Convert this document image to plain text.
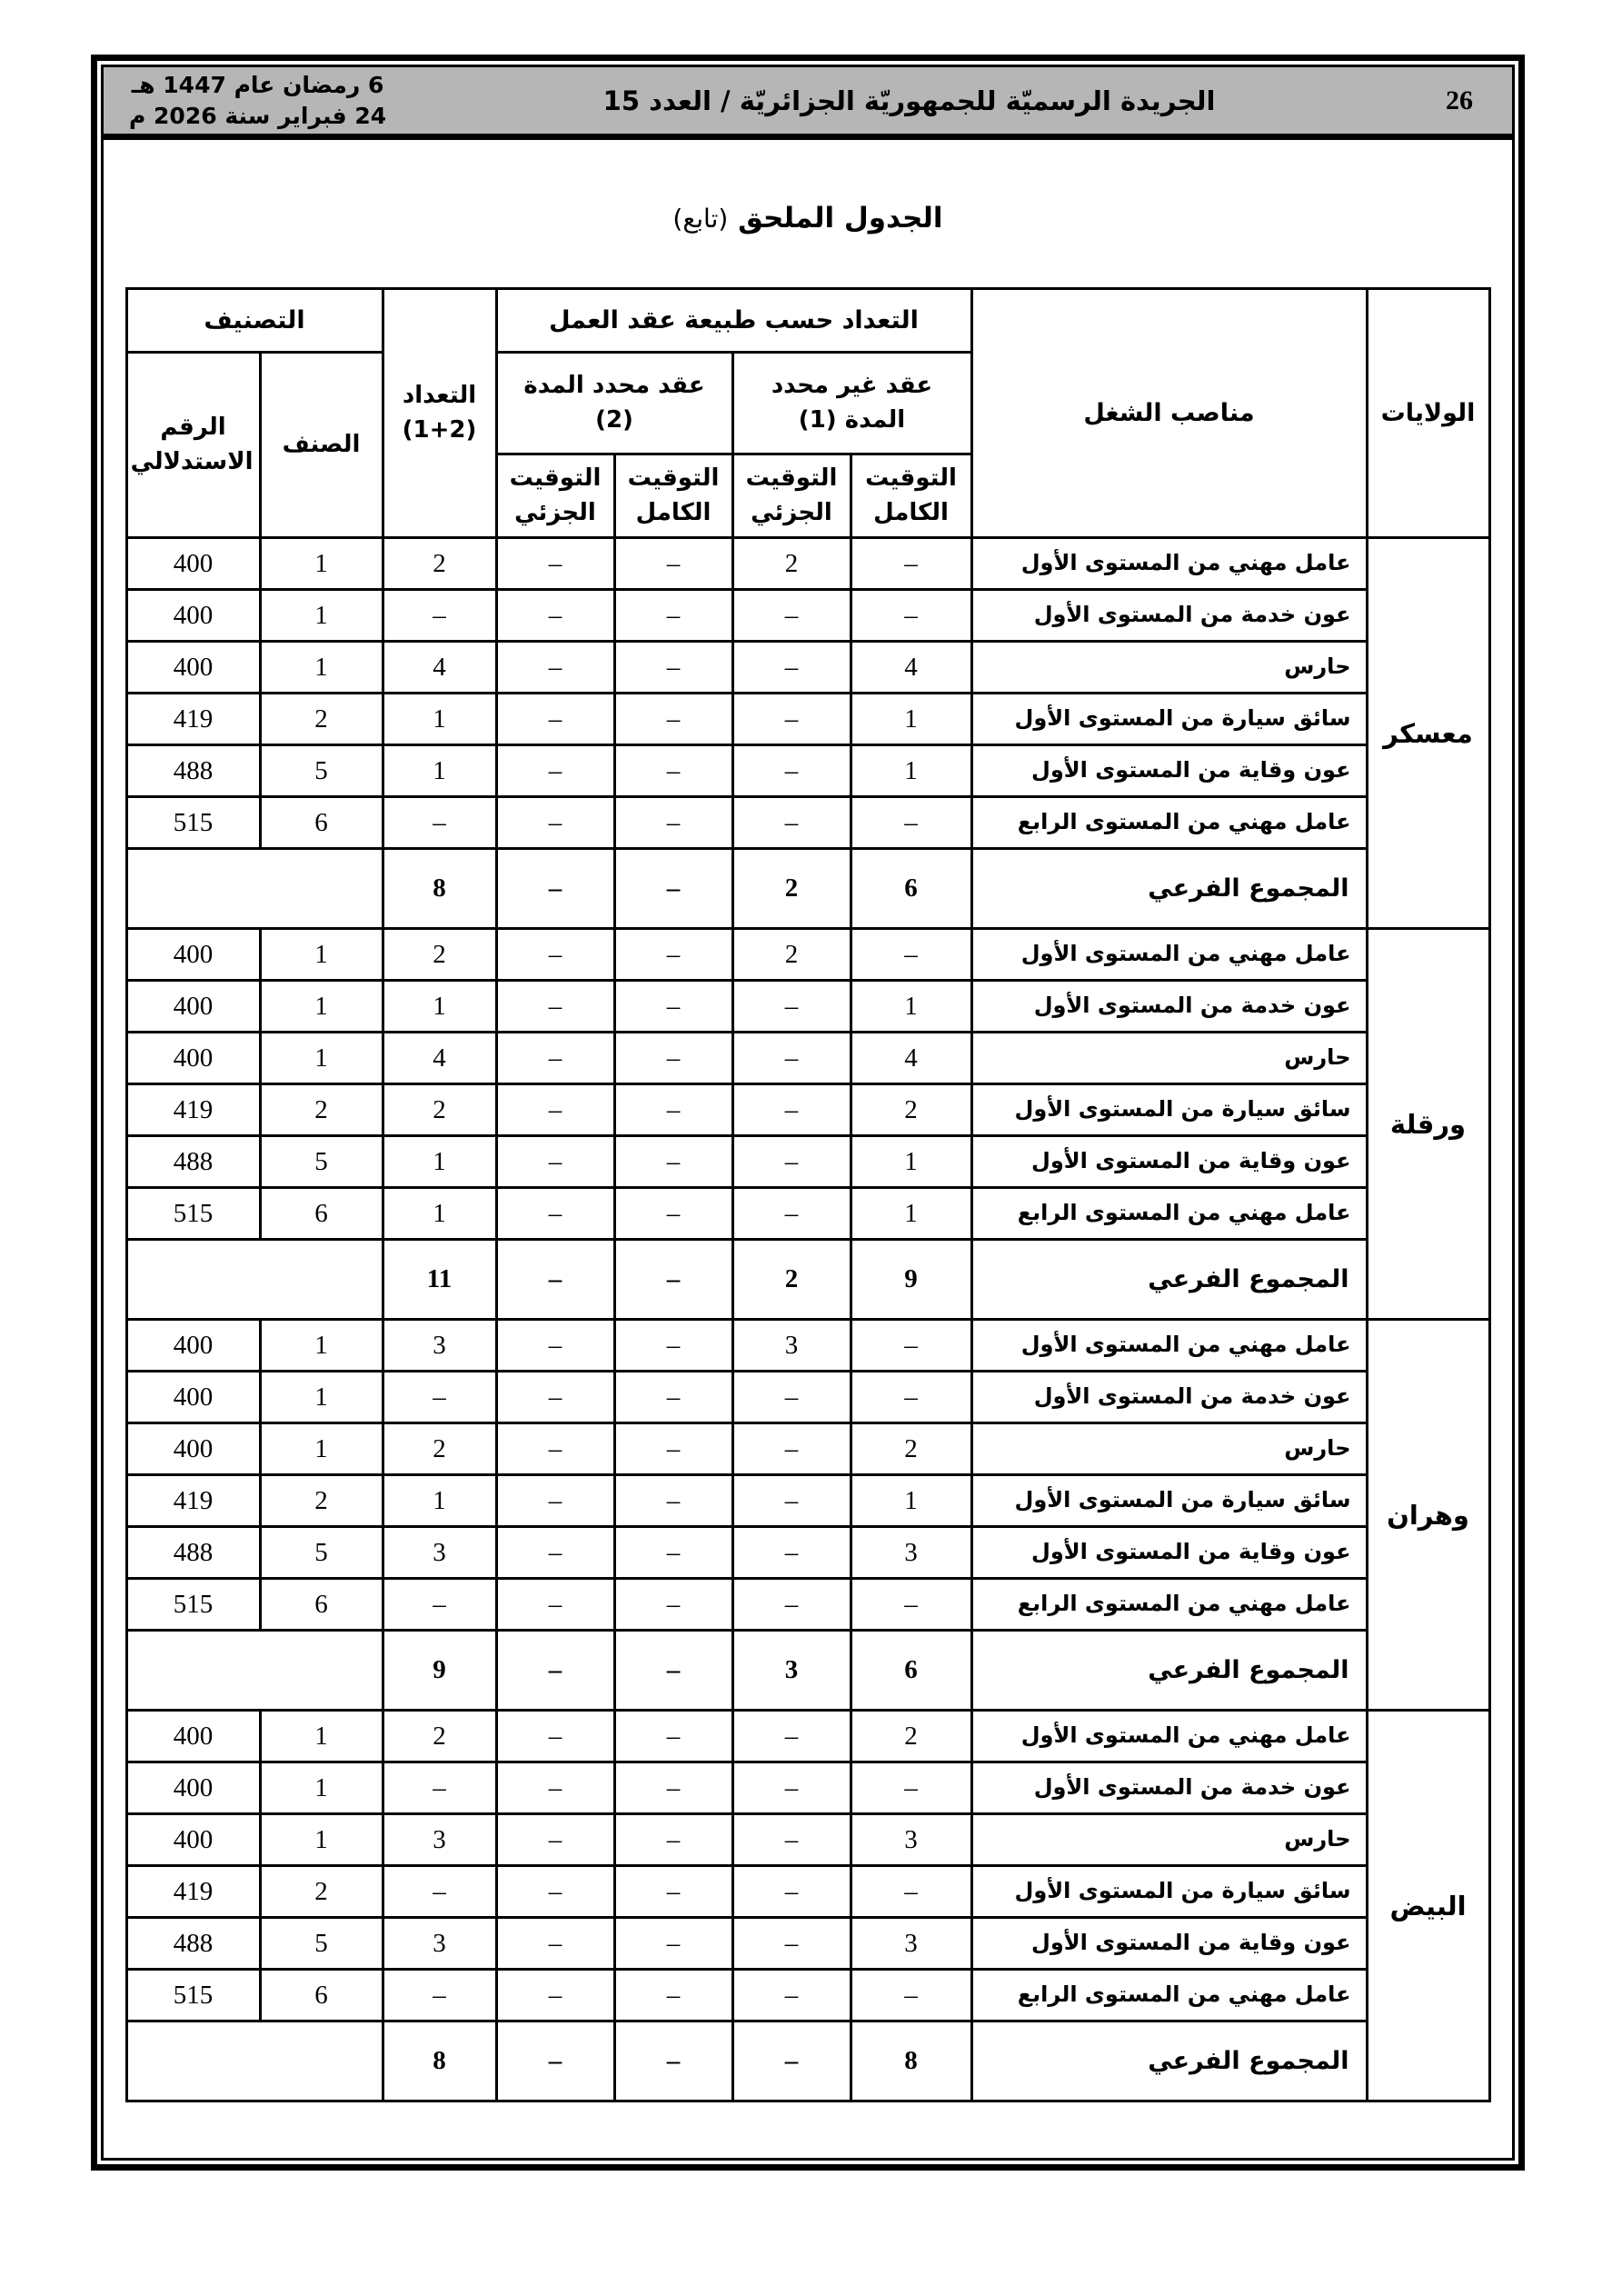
26
الجريدة الرسميّة للجمهوريّة الجزائريّة / العدد 15
6 رمضان عام 1447 هـ
24 فبراير سنة 2026 م
الجدول الملحق (تابع)
الولايات	مناصب الشغل	التعداد حسب طبيعة عقد العمل				التعداد (2+1)	التصنيف	
		عقد غير محدد المدة (1)		عقد محدد المدة (2)			الصنف	الرقم الاستدلالي
		التوقيت الكامل	التوقيت الجزئي	التوقيت الكامل	التوقيت الجزئي			
معسكر	عامل مهني من المستوى الأول	–	2	–	–	2	1	400
	عون خدمة من المستوى الأول	–	–	–	–	–	1	400
	حارس	4	–	–	–	4	1	400
	سائق سيارة من المستوى الأول	1	–	–	–	1	2	419
	عون وقاية من المستوى الأول	1	–	–	–	1	5	488
	عامل مهني من المستوى الرابع	–	–	–	–	–	6	515
	المجموع الفرعي	6	2	–	–	8		
ورقلة	عامل مهني من المستوى الأول	–	2	–	–	2	1	400
	عون خدمة من المستوى الأول	1	–	–	–	1	1	400
	حارس	4	–	–	–	4	1	400
	سائق سيارة من المستوى الأول	2	–	–	–	2	2	419
	عون وقاية من المستوى الأول	1	–	–	–	1	5	488
	عامل مهني من المستوى الرابع	1	–	–	–	1	6	515
	المجموع الفرعي	9	2	–	–	11		
وهران	عامل مهني من المستوى الأول	–	3	–	–	3	1	400
	عون خدمة من المستوى الأول	–	–	–	–	–	1	400
	حارس	2	–	–	–	2	1	400
	سائق سيارة من المستوى الأول	1	–	–	–	1	2	419
	عون وقاية من المستوى الأول	3	–	–	–	3	5	488
	عامل مهني من المستوى الرابع	–	–	–	–	–	6	515
	المجموع الفرعي	6	3	–	–	9		
البيض	عامل مهني من المستوى الأول	2	–	–	–	2	1	400
	عون خدمة من المستوى الأول	–	–	–	–	–	1	400
	حارس	3	–	–	–	3	1	400
	سائق سيارة من المستوى الأول	–	–	–	–	–	2	419
	عون وقاية من المستوى الأول	3	–	–	–	3	5	488
	عامل مهني من المستوى الرابع	–	–	–	–	–	6	515
	المجموع الفرعي	8	–	–	–	8		
